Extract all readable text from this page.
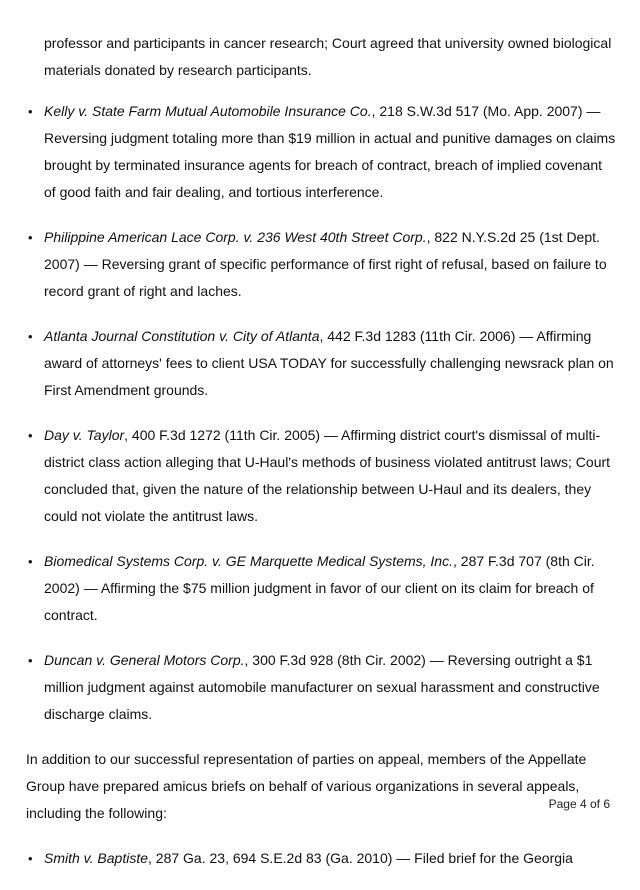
professor and participants in cancer research; Court agreed that university owned biological materials donated by research participants.

• Kelly v. State Farm Mutual Automobile Insurance Co., 218 S.W.3d 517 (Mo. App. 2007) — Reversing judgment totaling more than $19 million in actual and punitive damages on claims brought by terminated insurance agents for breach of contract, breach of implied covenant of good faith and fair dealing, and tortious interference.
• Philippine American Lace Corp. v. 236 West 40th Street Corp., 822 N.Y.S.2d 25 (1st Dept. 2007) — Reversing grant of specific performance of first right of refusal, based on failure to record grant of right and laches.
• Atlanta Journal Constitution v. City of Atlanta, 442 F.3d 1283 (11th Cir. 2006) — Affirming award of attorneys' fees to client USA TODAY for successfully challenging newsrack plan on First Amendment grounds.
• Day v. Taylor, 400 F.3d 1272 (11th Cir. 2005) — Affirming district court's dismissal of multi-district class action alleging that U-Haul's methods of business violated antitrust laws; Court concluded that, given the nature of the relationship between U-Haul and its dealers, they could not violate the antitrust laws.
• Biomedical Systems Corp. v. GE Marquette Medical Systems, Inc., 287 F.3d 707 (8th Cir. 2002) — Affirming the $75 million judgment in favor of our client on its claim for breach of contract.
• Duncan v. General Motors Corp., 300 F.3d 928 (8th Cir. 2002) — Reversing outright a $1 million judgment against automobile manufacturer on sexual harassment and constructive discharge claims.

In addition to our successful representation of parties on appeal, members of the Appellate Group have prepared amicus briefs on behalf of various organizations in several appeals, including the following:

• Smith v. Baptiste, 287 Ga. 23, 694 S.E.2d 83 (Ga. 2010) — Filed brief for the Georgia
Page 4 of 6
